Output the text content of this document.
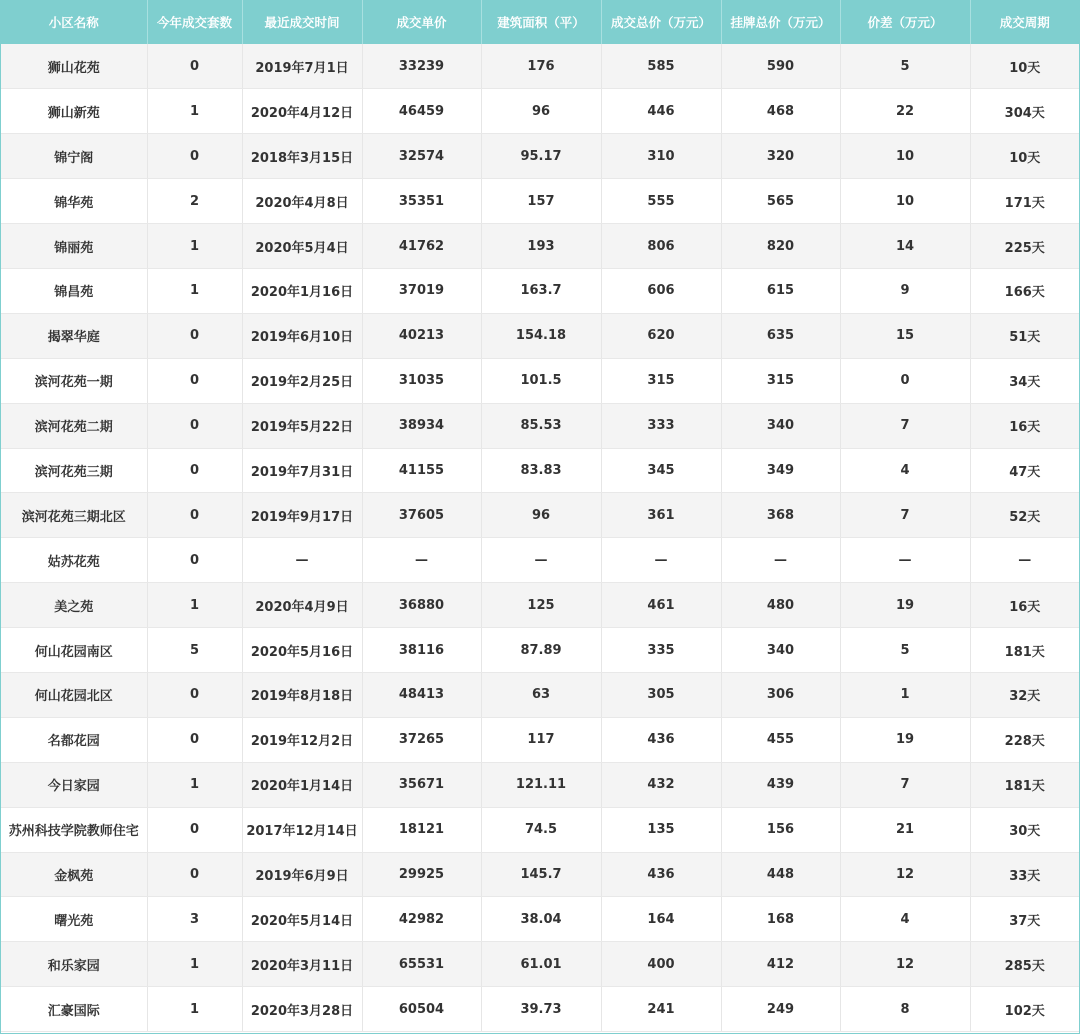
小区名称	今年成交套数	最近成交时间	成交单价	建筑面积（平）	成交总价（万元）	挂牌总价（万元）	价差（万元）	成交周期
狮山花苑	0	2019年7月1日	33239	176	585	590	5	10天
狮山新苑	1	2020年4月12日	46459	96	446	468	22	304天
锦宁阁	0	2018年3月15日	32574	95.17	310	320	10	10天
锦华苑	2	2020年4月8日	35351	157	555	565	10	171天
锦丽苑	1	2020年5月4日	41762	193	806	820	14	225天
锦昌苑	1	2020年1月16日	37019	163.7	606	615	9	166天
揭翠华庭	0	2019年6月10日	40213	154.18	620	635	15	51天
滨河花苑一期	0	2019年2月25日	31035	101.5	315	315	0	34天
滨河花苑二期	0	2019年5月22日	38934	85.53	333	340	7	16天
滨河花苑三期	0	2019年7月31日	41155	83.83	345	349	4	47天
滨河花苑三期北区	0	2019年9月17日	37605	96	361	368	7	52天
姑苏花苑	0	—	—	—	—	—	—	—
美之苑	1	2020年4月9日	36880	125	461	480	19	16天
何山花园南区	5	2020年5月16日	38116	87.89	335	340	5	181天
何山花园北区	0	2019年8月18日	48413	63	305	306	1	32天
名都花园	0	2019年12月2日	37265	117	436	455	19	228天
今日家园	1	2020年1月14日	35671	121.11	432	439	7	181天
苏州科技学院教师住宅	0	2017年12月14日	18121	74.5	135	156	21	30天
金枫苑	0	2019年6月9日	29925	145.7	436	448	12	33天
曙光苑	3	2020年5月14日	42982	38.04	164	168	4	37天
和乐家园	1	2020年3月11日	65531	61.01	400	412	12	285天
汇豪国际	1	2020年3月28日	60504	39.73	241	249	8	102天
